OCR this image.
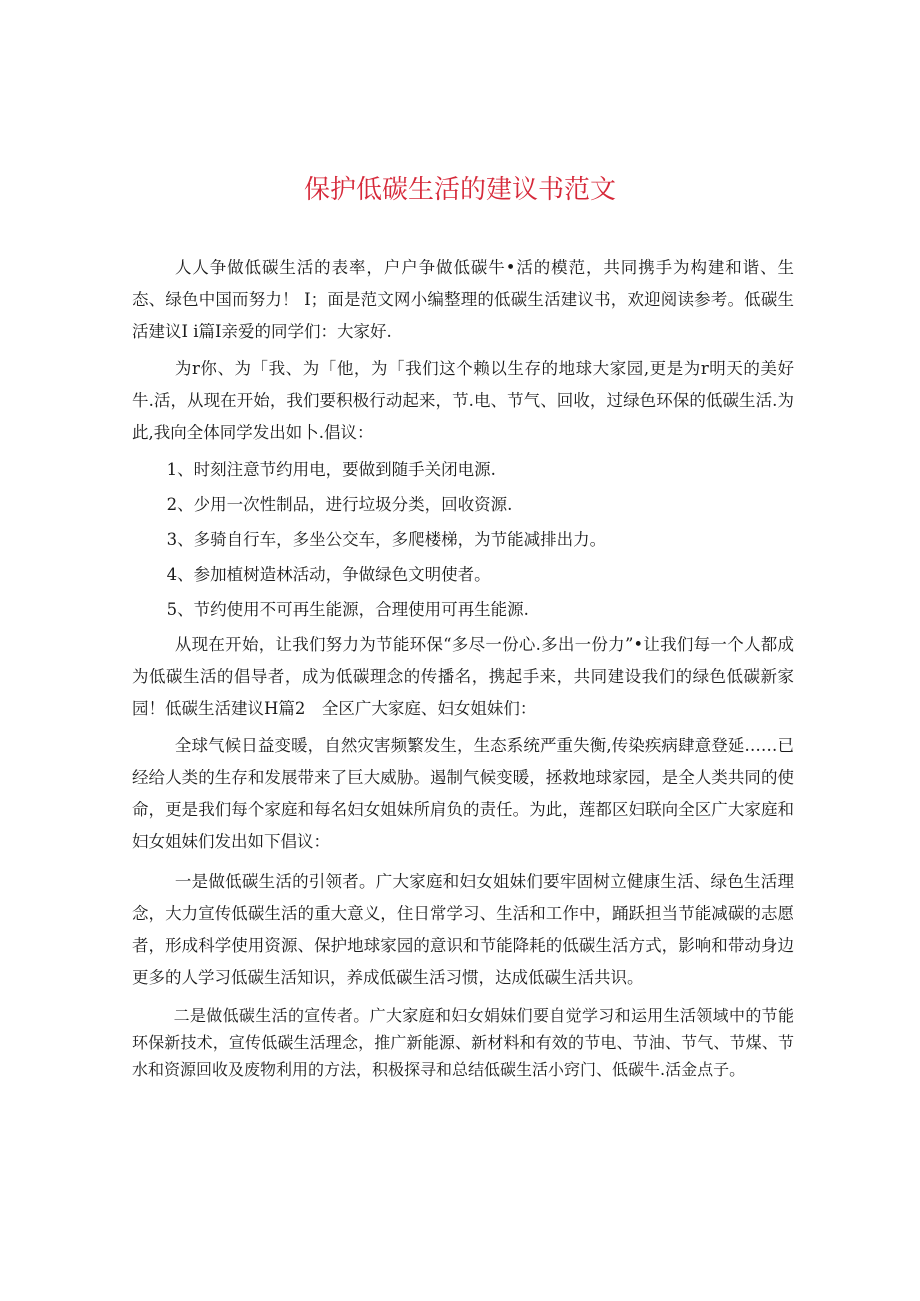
保护低碳生活的建议书范文

人人争做低碳生活的表率，户户争做低碳牛•活的模范，共同携手为构建和谐、生态、绿色中国而努力！ I；面是范文网小编整理的低碳生活建议书，欢迎阅读参考。低碳生活建议I i篇I亲爱的同学们：大家好.

为r你、为「我、为「他，为「我们这个赖以生存的地球大家园,更是为r明天的美好牛.活，从现在开始，我们要积极行动起来，节.电、节气、回收，过绿色环保的低碳生活.为此,我向全体同学发出如卜.倡议：

1、时刻注意节约用电，要做到随手关闭电源.

2、少用一次性制品，进行垃圾分类，回收资源.

3、多骑自行车，多坐公交车，多爬楼梯，为节能减排出力。

4、参加植树造林活动，争做绿色文明使者。

5、节约使用不可再生能源，合理使用可再生能源.

从现在开始，让我们努力为节能环保“多尽一份心.多出一份力”•让我们每一个人都成为低碳生活的倡导者，成为低碳理念的传播名，携起手来，共同建设我们的绿色低碳新家园！低碳生活建议H篇2　全区广大家庭、妇女姐妹们：

全球气候日益变暖，自然灾害频繁发生，生态系统严重失衡,传染疾病肆意登延……已经给人类的生存和发展带来了巨大威胁。遏制气候变暖，拯救地球家园，是全人类共同的使命，更是我们每个家庭和每名妇女姐妹所肩负的责任。为此，莲都区妇联向全区广大家庭和妇女姐妹们发出如下倡议：

一是做低碳生活的引领者。广大家庭和妇女姐妹们要牢固树立健康生活、绿色生活理念，大力宣传低碳生活的重大意义，住日常学习、生活和工作中，踊跃担当节能减碳的志愿者，形成科学使用资源、保护地球家园的意识和节能降耗的低碳生活方式，影响和带动身边更多的人学习低碳生活知识，养成低碳生活习惯，达成低碳生活共识。

二是做低碳生活的宣传者。广大家庭和妇女娟妹们要自觉学习和运用生活领域中的节能环保新技术，宣传低碳生活理念，推广新能源、新材料和有效的节电、节油、节气、节煤、节水和资源回收及废物利用的方法，积极探寻和总结低碳生活小窍门、低碳牛.活金点子。
